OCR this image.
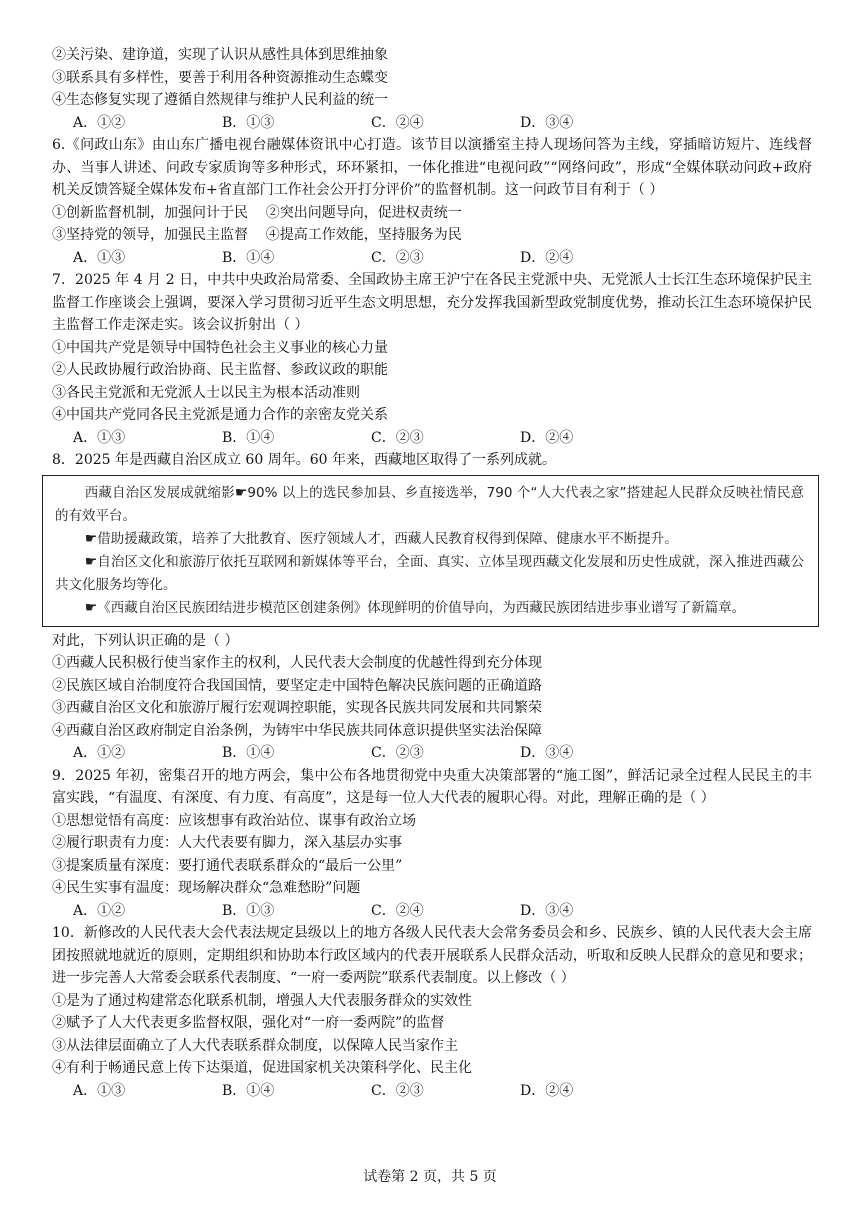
②关污染、建诤道，实现了认识从感性具体到思维抽象
③联系具有多样性，要善于利用各种资源推动生态蝶变
④生态修复实现了遵循自然规律与维护人民利益的统一
A．①②	B．①③	C．②④	D．③④
6.《问政山东》由山东广播电视台融媒体资讯中心打造。该节目以演播室主持人现场问答为主线，穿插暗访短片、连线督办、当事人讲述、问政专家质询等多种形式，环环紧扣，一体化推进“电视问政”“网络问政”，形成“全媒体联动问政+政府机关反馈答疑全媒体发布+省直部门工作社会公开打分评价”的监督机制。这一问政节目有利于（ ）
①创新监督机制，加强问计于民    ②突出问题导向，促进权责统一
③坚持党的领导，加强民主监督    ④提高工作效能，坚持服务为民
A．①③	B．①④	C．②③	D．②④
7．2025 年 4 月 2 日，中共中央政治局常委、全国政协主席王沪宁在各民主党派中央、无党派人士长江生态环境保护民主监督工作座谈会上强调，要深入学习贯彻习近平生态文明思想，充分发挥我国新型政党制度优势，推动长江生态环境保护民主监督工作走深走实。该会议折射出（ ）
①中国共产党是领导中国特色社会主义事业的核心力量
②人民政协履行政治协商、民主监督、参政议政的职能
③各民主党派和无党派人士以民主为根本活动准则
④中国共产党同各民主党派是通力合作的亲密友党关系
A．①③	B．①④	C．②③	D．②④
8．2025 年是西藏自治区成立 60 周年。60 年来，西藏地区取得了一系列成就。

西藏自治区发展成就缩影☛90% 以上的选民参加县、乡直接选举，790 个“人大代表之家”搭建起人民群众反映社情民意的有效平台。

☛借助援藏政策，培养了大批教育、医疗领域人才，西藏人民教育权得到保障、健康水平不断提升。

☛自治区文化和旅游厅依托互联网和新媒体等平台，全面、真实、立体呈现西藏文化发展和历史性成就，深入推进西藏公共文化服务均等化。

☛《西藏自治区民族团结进步模范区创建条例》体现鲜明的价值导向，为西藏民族团结进步事业谱写了新篇章。

对此，下列认识正确的是（ ）
①西藏人民积极行使当家作主的权利，人民代表大会制度的优越性得到充分体现
②民族区域自治制度符合我国国情，要坚定走中国特色解决民族问题的正确道路
③西藏自治区文化和旅游厅履行宏观调控职能，实现各民族共同发展和共同繁荣
④西藏自治区政府制定自治条例，为铸牢中华民族共同体意识提供坚实法治保障
A．①②	B．①④	C．②③	D．③④
9．2025 年初，密集召开的地方两会，集中公布各地贯彻党中央重大决策部署的“施工图”，鲜活记录全过程人民民主的丰富实践，“有温度、有深度、有力度、有高度”，这是每一位人大代表的履职心得。对此，理解正确的是（ ）
①思想觉悟有高度：应该想事有政治站位、谋事有政治立场
②履行职责有力度：人大代表要有脚力，深入基层办实事
③提案质量有深度：要打通代表联系群众的“最后一公里”
④民生实事有温度：现场解决群众“急难愁盼”问题
A．①②	B．①③	C．②④	D．③④
10．新修改的人民代表大会代表法规定县级以上的地方各级人民代表大会常务委员会和乡、民族乡、镇的人民代表大会主席团按照就地就近的原则，定期组织和协助本行政区域内的代表开展联系人民群众活动，听取和反映人民群众的意见和要求；进一步完善人大常委会联系代表制度、“一府一委两院”联系代表制度。以上修改（ ）
①是为了通过构建常态化联系机制，增强人大代表服务群众的实效性
②赋予了人大代表更多监督权限，强化对“一府一委两院”的监督
③从法律层面确立了人大代表联系群众制度，以保障人民当家作主
④有利于畅通民意上传下达渠道，促进国家机关决策科学化、民主化
A．①③	B．①④	C．②③	D．②④
试卷第 2 页，共 5 页
